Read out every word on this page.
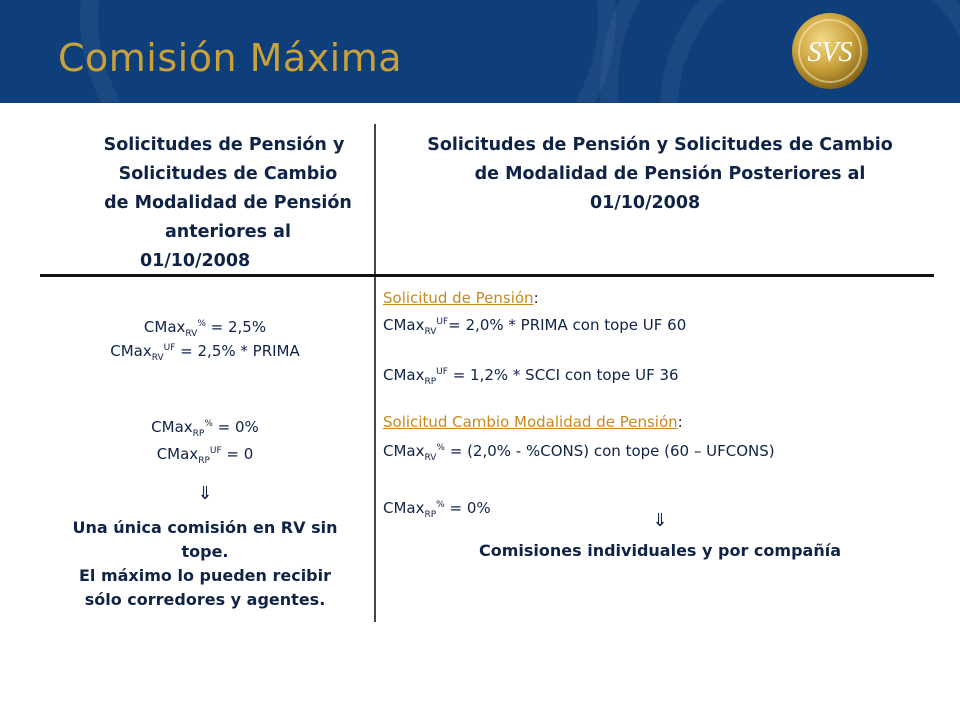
Comisión Máxima	SVS
Solicitudes de Pensión y
Solicitudes de Cambio
de Modalidad de Pensión
anteriores al
01/10/2008
Solicitudes de Pensión y Solicitudes de Cambio
de Modalidad de Pensión Posteriores al
01/10/2008
CMax$_{RV}$% = 2,5%
CMax$_{RV}^{UF}$ = 2,5% * PRIMA
CMax$_{RP}$% = 0%
CMax$_{RP}^{UF}$ = 0
⇓
Una única comisión en RV sin
tope.
El máximo lo pueden recibir
sólo corredores y agentes.
Solicitud de Pensión:
CMax$_{RV}^{UF}$= 2,0% * PRIMA con tope UF 60
CMax$_{RP}^{UF}$ = 1,2% * SCCI con tope UF 36
Solicitud Cambio Modalidad de Pensión:
CMax$_{RV}$% = (2,0% - %CONS) con tope (60 – UFCONS)
CMax$_{RP}$% = 0%
⇓
Comisiones individuales y por compañía
